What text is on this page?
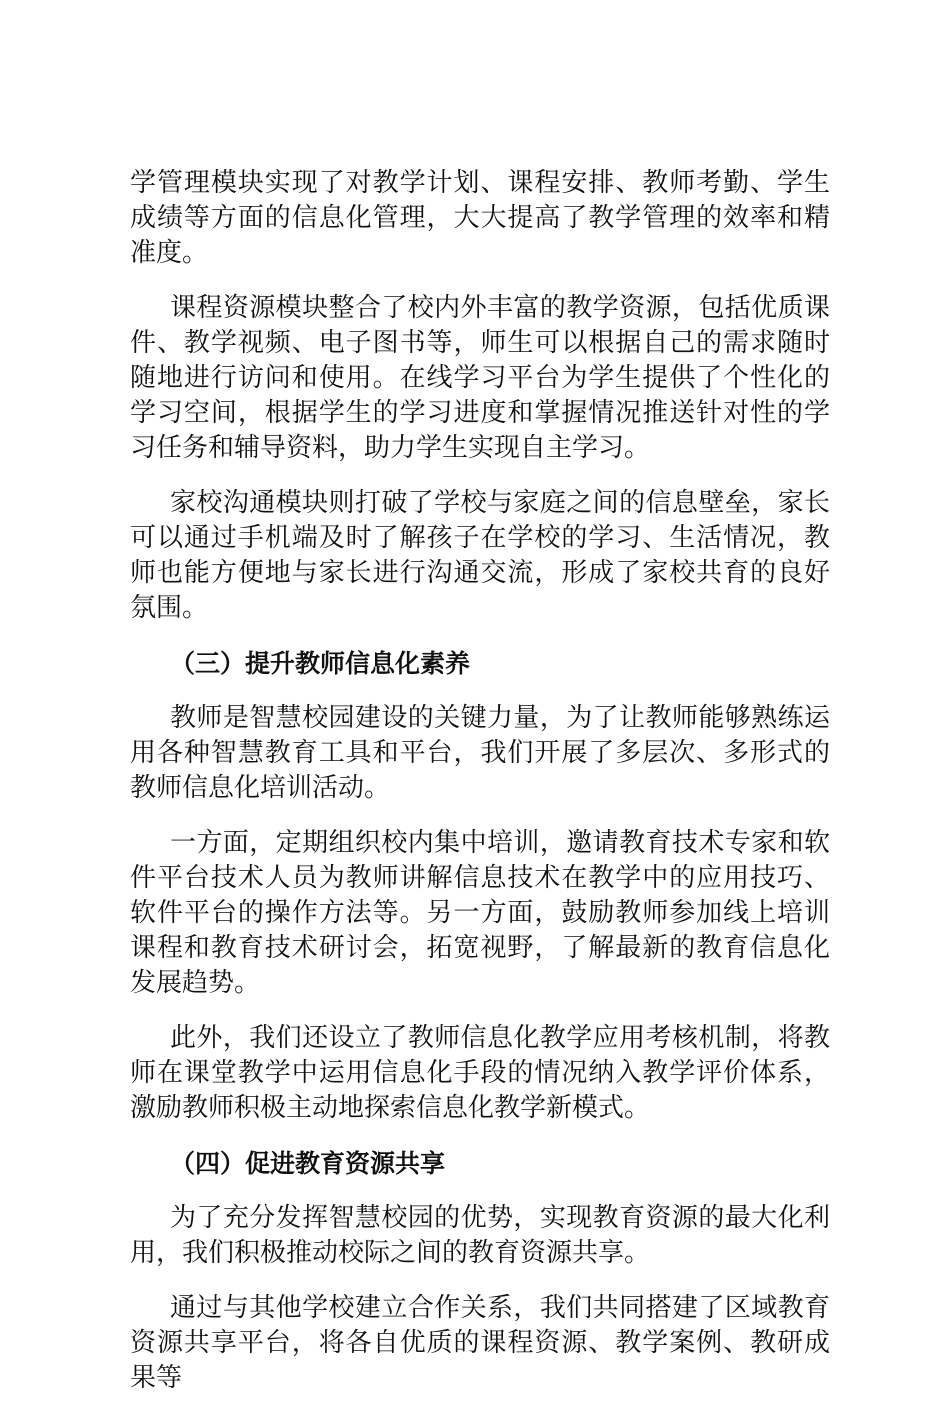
学管理模块实现了对教学计划、课程安排、教师考勤、学生成绩等方面的信息化管理，大大提高了教学管理的效率和精准度。

课程资源模块整合了校内外丰富的教学资源，包括优质课件、教学视频、电子图书等，师生可以根据自己的需求随时随地进行访问和使用。在线学习平台为学生提供了个性化的学习空间，根据学生的学习进度和掌握情况推送针对性的学习任务和辅导资料，助力学生实现自主学习。

家校沟通模块则打破了学校与家庭之间的信息壁垒，家长可以通过手机端及时了解孩子在学校的学习、生活情况，教师也能方便地与家长进行沟通交流，形成了家校共育的良好氛围。

（三）提升教师信息化素养

教师是智慧校园建设的关键力量，为了让教师能够熟练运用各种智慧教育工具和平台，我们开展了多层次、多形式的教师信息化培训活动。

一方面，定期组织校内集中培训，邀请教育技术专家和软件平台技术人员为教师讲解信息技术在教学中的应用技巧、软件平台的操作方法等。另一方面，鼓励教师参加线上培训课程和教育技术研讨会，拓宽视野，了解最新的教育信息化发展趋势。

此外，我们还设立了教师信息化教学应用考核机制，将教师在课堂教学中运用信息化手段的情况纳入教学评价体系，激励教师积极主动地探索信息化教学新模式。

（四）促进教育资源共享

为了充分发挥智慧校园的优势，实现教育资源的最大化利用，我们积极推动校际之间的教育资源共享。

通过与其他学校建立合作关系，我们共同搭建了区域教育资源共享平台，将各自优质的课程资源、教学案例、教研成果等
